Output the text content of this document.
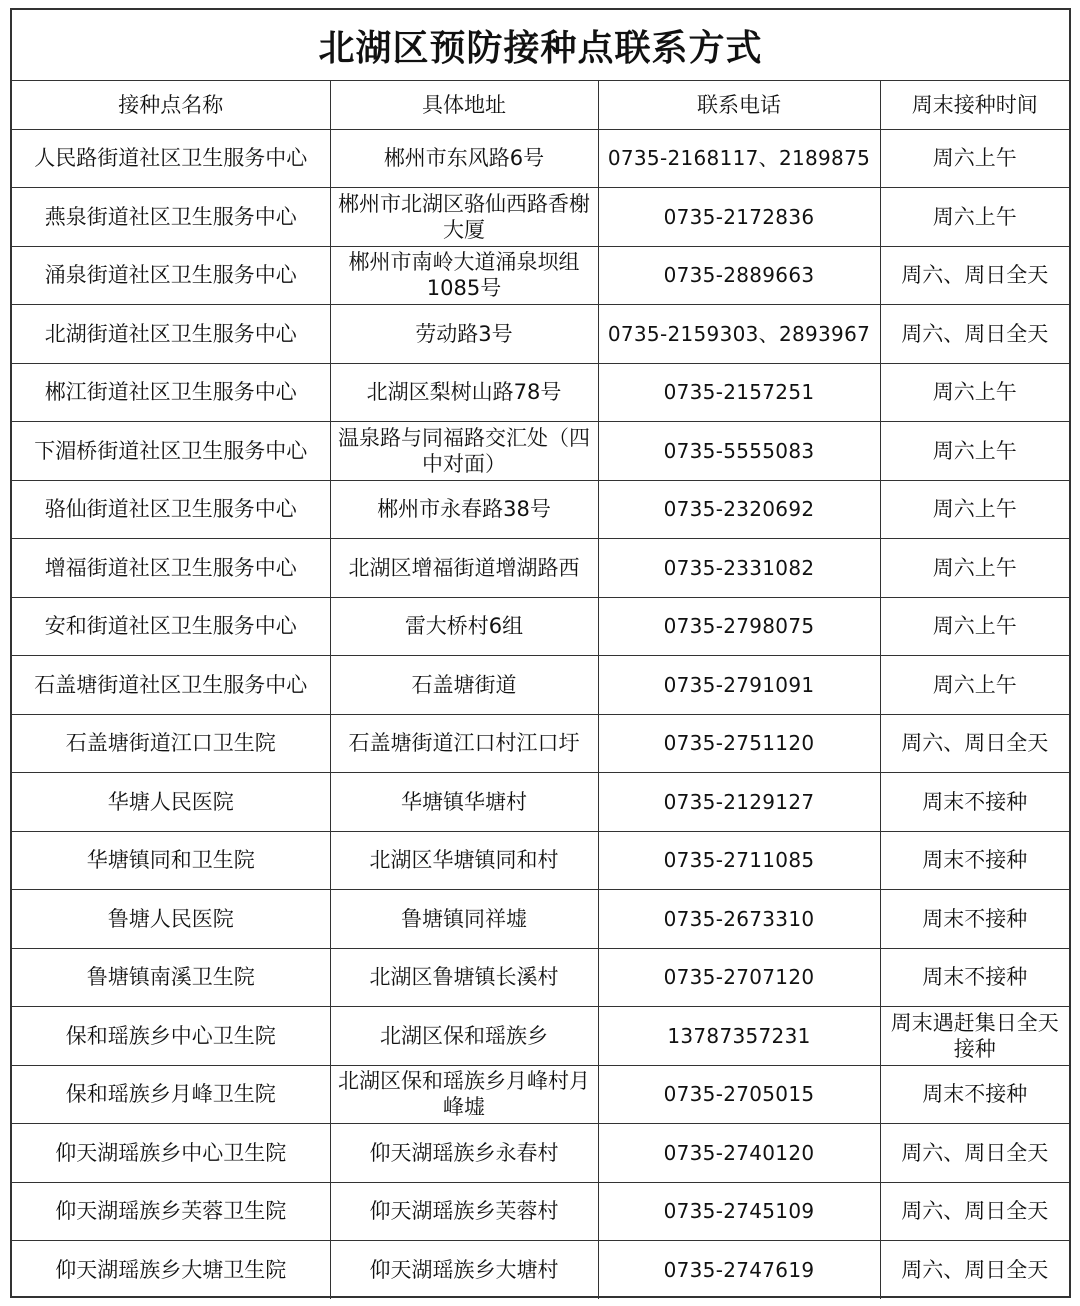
北湖区预防接种点联系方式
接种点名称	具体地址	联系电话	周末接种时间
人民路街道社区卫生服务中心	郴州市东风路6号	0735-2168117、2189875	周六上午
燕泉街道社区卫生服务中心	郴州市北湖区骆仙西路香榭大厦	0735-2172836	周六上午
涌泉街道社区卫生服务中心	郴州市南岭大道涌泉坝组1085号	0735-2889663	周六、周日全天
北湖街道社区卫生服务中心	劳动路3号	0735-2159303、2893967	周六、周日全天
郴江街道社区卫生服务中心	北湖区梨树山路78号	0735-2157251	周六上午
下湄桥街道社区卫生服务中心	温泉路与同福路交汇处（四中对面）	0735-5555083	周六上午
骆仙街道社区卫生服务中心	郴州市永春路38号	0735-2320692	周六上午
增福街道社区卫生服务中心	北湖区增福街道增湖路西	0735-2331082	周六上午
安和街道社区卫生服务中心	雷大桥村6组	0735-2798075	周六上午
石盖塘街道社区卫生服务中心	石盖塘街道	0735-2791091	周六上午
石盖塘街道江口卫生院	石盖塘街道江口村江口圩	0735-2751120	周六、周日全天
华塘人民医院	华塘镇华塘村	0735-2129127	周末不接种
华塘镇同和卫生院	北湖区华塘镇同和村	0735-2711085	周末不接种
鲁塘人民医院	鲁塘镇同祥墟	0735-2673310	周末不接种
鲁塘镇南溪卫生院	北湖区鲁塘镇长溪村	0735-2707120	周末不接种
保和瑶族乡中心卫生院	北湖区保和瑶族乡	13787357231	周末遇赶集日全天接种
保和瑶族乡月峰卫生院	北湖区保和瑶族乡月峰村月峰墟	0735-2705015	周末不接种
仰天湖瑶族乡中心卫生院	仰天湖瑶族乡永春村	0735-2740120	周六、周日全天
仰天湖瑶族乡芙蓉卫生院	仰天湖瑶族乡芙蓉村	0735-2745109	周六、周日全天
仰天湖瑶族乡大塘卫生院	仰天湖瑶族乡大塘村	0735-2747619	周六、周日全天
